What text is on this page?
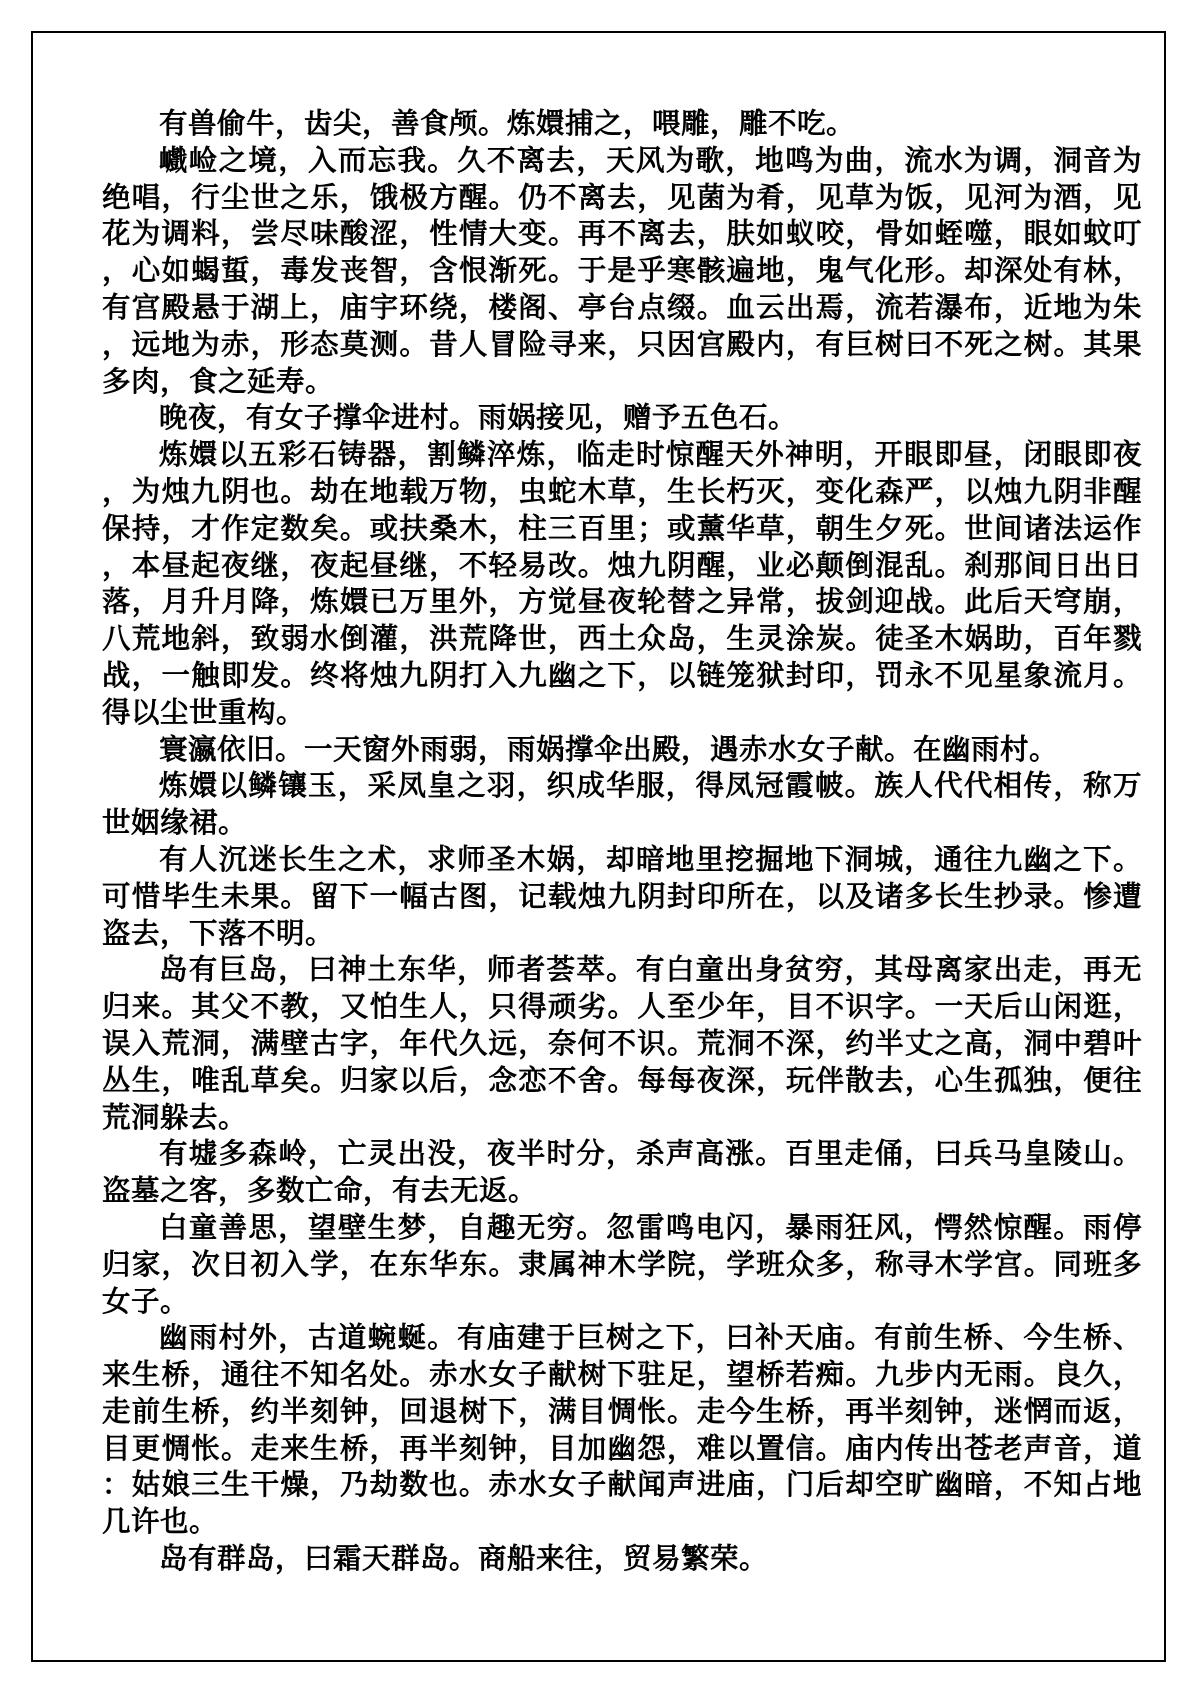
有兽偷牛，齿尖，善食颅。炼嬛捕之，喂雕，雕不吃。

巇崄之境，入而忘我。久不离去，天风为歌，地鸣为曲，流水为调，洞音为绝唱，行尘世之乐，饿极方醒。仍不离去，见菌为肴，见草为饭，见河为酒，见花为调料，尝尽味酸涩，性情大变。再不离去，肤如蚁咬，骨如蛭噬，眼如蚊叮，心如蝎蜇，毒发丧智，含恨渐死。于是乎寒骸遍地，鬼气化形。却深处有林，有宫殿悬于湖上，庙宇环绕，楼阁、亭台点缀。血云出焉，流若瀑布，近地为朱，远地为赤，形态莫测。昔人冒险寻来，只因宫殿内，有巨树曰不死之树。其果多肉，食之延寿。

晚夜，有女子撑伞进村。雨娲接见，赠予五色石。

炼嬛以五彩石铸器，割鳞淬炼，临走时惊醒天外神明，开眼即昼，闭眼即夜，为烛九阴也。劫在地载万物，虫蛇木草，生长朽灭，变化森严，以烛九阴非醒保持，才作定数矣。或扶桑木，柱三百里；或薰华草，朝生夕死。世间诸法运作，本昼起夜继，夜起昼继，不轻易改。烛九阴醒，业必颠倒混乱。刹那间日出日落，月升月降，炼嬛已万里外，方觉昼夜轮替之异常，拔剑迎战。此后天穹崩，八荒地斜，致弱水倒灌，洪荒降世，西土众岛，生灵涂炭。徒圣木娲助，百年戮战，一触即发。终将烛九阴打入九幽之下，以链笼狱封印，罚永不见星象流月。得以尘世重构。

寰瀛依旧。一天窗外雨弱，雨娲撑伞出殿，遇赤水女子献。在幽雨村。

炼嬛以鳞镶玉，采凤皇之羽，织成华服，得凤冠霞帔。族人代代相传，称万世姻缘裙。

有人沉迷长生之术，求师圣木娲，却暗地里挖掘地下洞城，通往九幽之下。可惜毕生未果。留下一幅古图，记载烛九阴封印所在，以及诸多长生抄录。惨遭盗去，下落不明。

岛有巨岛，曰神土东华，师者荟萃。有白童出身贫穷，其母离家出走，再无归来。其父不教，又怕生人，只得顽劣。人至少年，目不识字。一天后山闲逛，误入荒洞，满壁古字，年代久远，奈何不识。荒洞不深，约半丈之高，洞中碧叶丛生，唯乱草矣。归家以后，念恋不舍。每每夜深，玩伴散去，心生孤独，便往荒洞躲去。

有墟多森岭，亡灵出没，夜半时分，杀声高涨。百里走俑，曰兵马皇陵山。盗墓之客，多数亡命，有去无返。

白童善思，望壁生梦，自趣无穷。忽雷鸣电闪，暴雨狂风，愕然惊醒。雨停归家，次日初入学，在东华东。隶属神木学院，学班众多，称寻木学宫。同班多女子。

幽雨村外，古道蜿蜒。有庙建于巨树之下，曰补天庙。有前生桥、今生桥、来生桥，通往不知名处。赤水女子献树下驻足，望桥若痴。九步内无雨。良久，走前生桥，约半刻钟，回退树下，满目惆怅。走今生桥，再半刻钟，迷惘而返，目更惆怅。走来生桥，再半刻钟，目加幽怨，难以置信。庙内传出苍老声音，道：姑娘三生干燥，乃劫数也。赤水女子献闻声进庙，门后却空旷幽暗，不知占地几许也。

岛有群岛，曰霜天群岛。商船来往，贸易繁荣。
